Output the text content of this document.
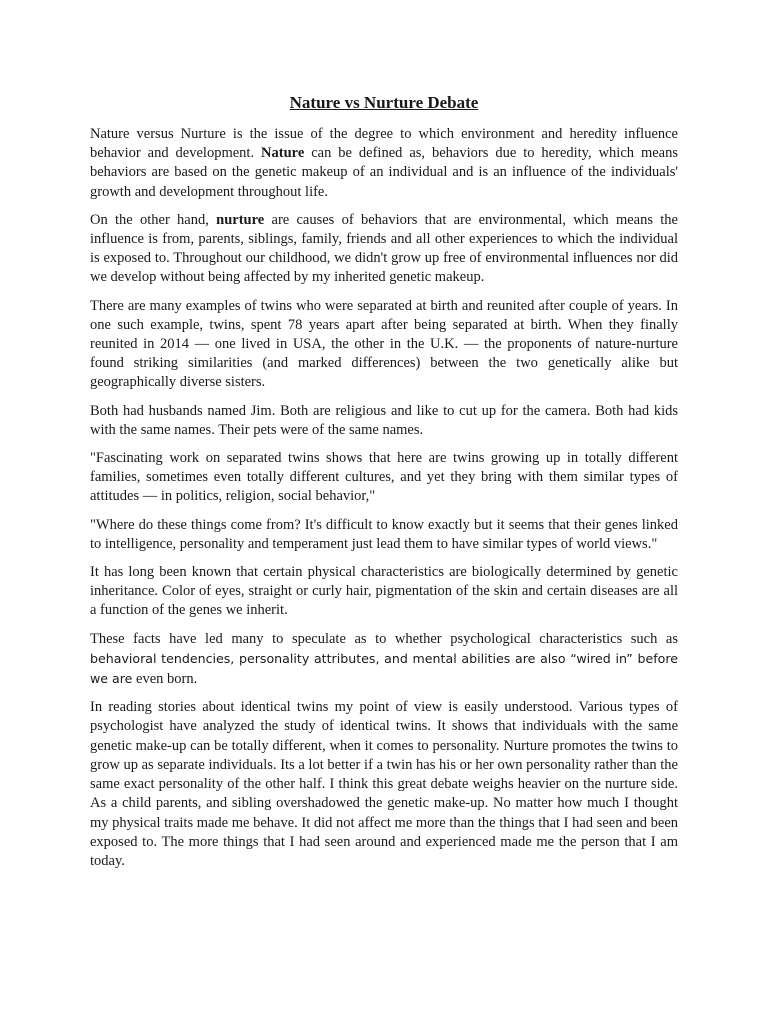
Nature vs Nurture Debate

Nature versus Nurture is the issue of the degree to which environment and heredity influence behavior and development. Nature can be defined as, behaviors due to heredity, which means behaviors are based on the genetic makeup of an individual and is an influence of the individuals' growth and development throughout life.

On the other hand, nurture are causes of behaviors that are environmental, which means the influence is from, parents, siblings, family, friends and all other experiences to which the individual is exposed to. Throughout our childhood, we didn't grow up free of environmental influences nor did we develop without being affected by my inherited genetic makeup.

There are many examples of twins who were separated at birth and reunited after couple of years. In one such example, twins, spent 78 years apart after being separated at birth. When they finally reunited in 2014 — one lived in USA, the other in the U.K. — the proponents of nature-nurture found striking similarities (and marked differences) between the two genetically alike but geographically diverse sisters.

Both had husbands named Jim. Both are religious and like to cut up for the camera. Both had kids with the same names. Their pets were of the same names.

"Fascinating work on separated twins shows that here are twins growing up in totally different families, sometimes even totally different cultures, and yet they bring with them similar types of attitudes — in politics, religion, social behavior,"

"Where do these things come from? It's difficult to know exactly but it seems that their genes linked to intelligence, personality and temperament just lead them to have similar types of world views."

It has long been known that certain physical characteristics are biologically determined by genetic inheritance. Color of eyes, straight or curly hair, pigmentation of the skin and certain diseases are all a function of the genes we inherit.

These facts have led many to speculate as to whether psychological characteristics such as behavioral tendencies, personality attributes, and mental abilities are also “wired in” before we are even born.

In reading stories about identical twins my point of view is easily understood. Various types of psychologist have analyzed the study of identical twins. It shows that individuals with the same genetic make-up can be totally different, when it comes to personality. Nurture promotes the twins to grow up as separate individuals. Its a lot better if a twin has his or her own personality rather than the same exact personality of the other half. I think this great debate weighs heavier on the nurture side. As a child parents, and sibling overshadowed the genetic make-up. No matter how much I thought my physical traits made me behave. It did not affect me more than the things that I had seen and been exposed to. The more things that I had seen around and experienced made me the person that I am today.
